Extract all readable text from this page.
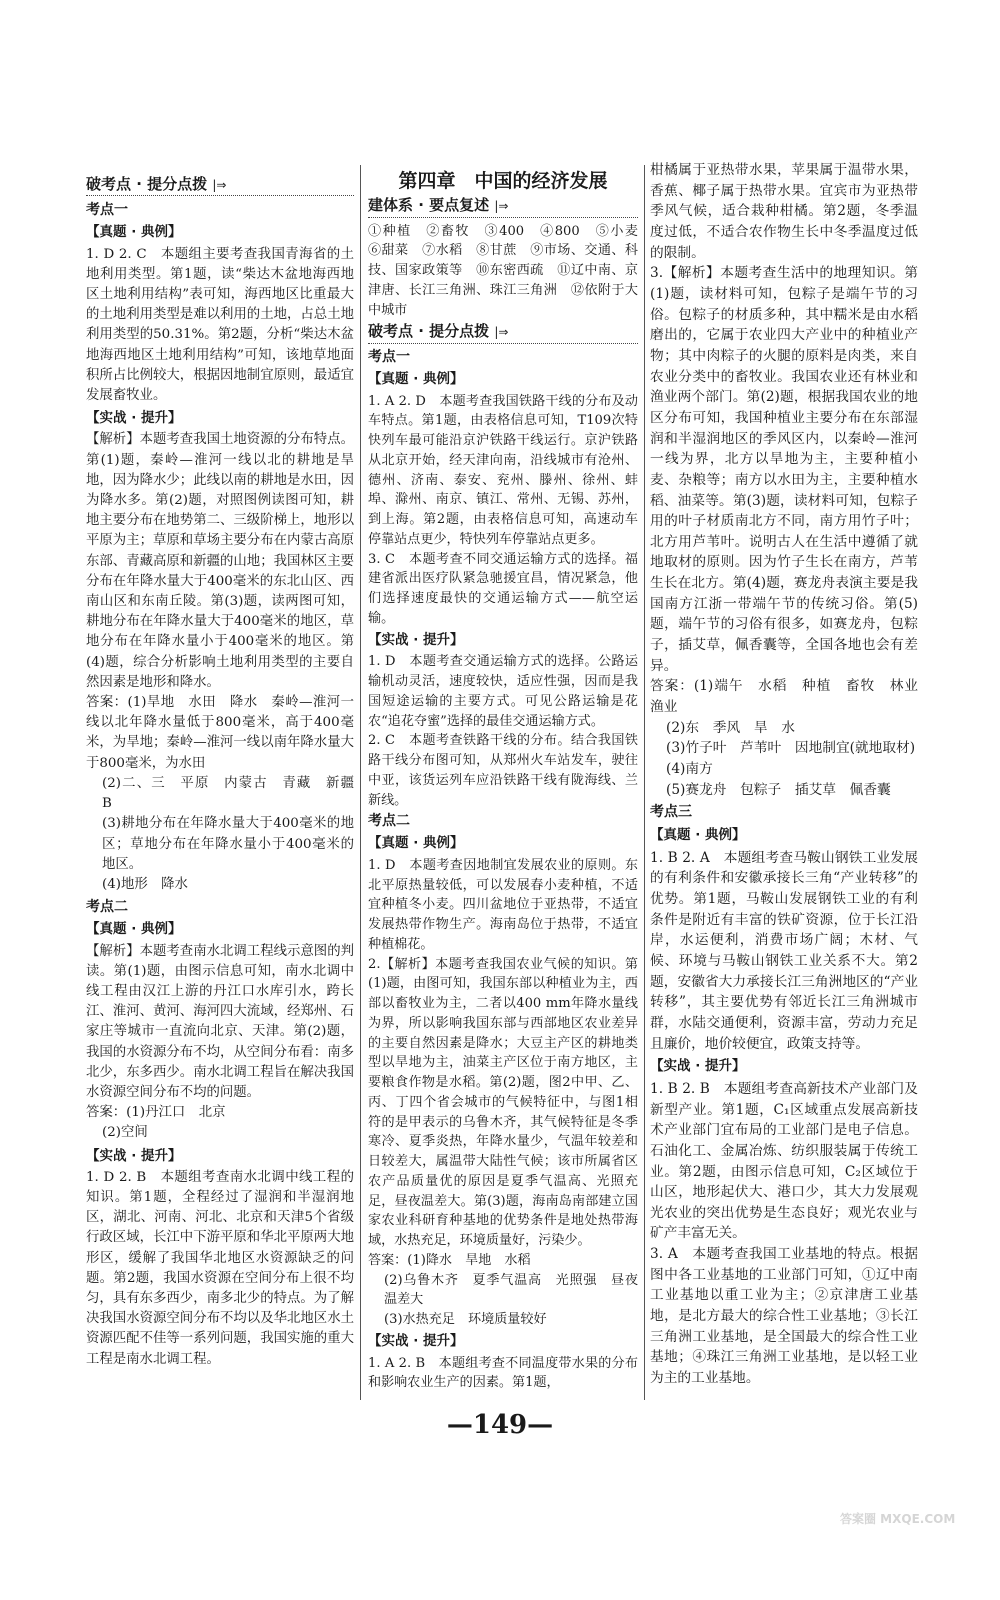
破考点 · 提分点拨 |⇒
考点一
【真题 · 典例】

1. D 2. C　本题组主要考查我国青海省的土地利用类型。第1题，读“柴达木盆地海西地区土地利用结构”表可知，海西地区比重最大的土地利用类型是难以利用的土地，占总土地利用类型的50.31%。第2题，分析“柴达木盆地海西地区土地利用结构”可知，该地草地面积所占比例较大，根据因地制宜原则，最适宜发展畜牧业。

【实战 · 提升】

【解析】本题考查我国土地资源的分布特点。第(1)题，秦岭—淮河一线以北的耕地是旱地，因为降水少；此线以南的耕地是水田，因为降水多。第(2)题，对照图例读图可知，耕地主要分布在地势第二、三级阶梯上，地形以平原为主；草原和草场主要分布在内蒙古高原东部、青藏高原和新疆的山地；我国林区主要分布在年降水量大于400毫米的东北山区、西南山区和东南丘陵。第(3)题，读两图可知，耕地分布在年降水量大于400毫米的地区，草地分布在年降水量小于400毫米的地区。第(4)题，综合分析影响土地利用类型的主要自然因素是地形和降水。

答案：(1)旱地　水田　降水　秦岭—淮河一线以北年降水量低于800毫米，高于400毫米，为旱地；秦岭—淮河一线以南年降水量大于800毫米，为水田

(2)二、三　平原　内蒙古　青藏　新疆　B

(3)耕地分布在年降水量大于400毫米的地区；草地分布在年降水量小于400毫米的地区。

(4)地形　降水

考点二
【真题 · 典例】

【解析】本题考查南水北调工程线示意图的判读。第(1)题，由图示信息可知，南水北调中线工程由汉江上游的丹江口水库引水，跨长江、淮河、黄河、海河四大流域，经郑州、石家庄等城市一直流向北京、天津。第(2)题，我国的水资源分布不均，从空间分布看：南多北少，东多西少。南水北调工程旨在解决我国水资源空间分布不均的问题。

答案：(1)丹江口　北京

(2)空间

【实战 · 提升】

1. D 2. B　本题组考查南水北调中线工程的知识。第1题，全程经过了湿润和半湿润地区，湖北、河南、河北、北京和天津5个省级行政区域，长江中下游平原和华北平原两大地形区，缓解了我国华北地区水资源缺乏的问题。第2题，我国水资源在空间分布上很不均匀，具有东多西少，南多北少的特点。为了解决我国水资源空间分布不均以及华北地区水土资源匹配不佳等一系列问题，我国实施的重大工程是南水北调工程。

第四章　中国的经济发展
建体系 · 要点复述 |⇒

①种植　②畜牧　③400　④800　⑤小麦　⑥甜菜　⑦水稻　⑧甘蔗　⑨市场、交通、科技、国家政策等　⑩东密西疏　⑪辽中南、京津唐、长江三角洲、珠江三角洲　⑫依附于大中城市

破考点 · 提分点拨 |⇒
考点一
【真题 · 典例】

1. A 2. D　本题考查我国铁路干线的分布及动车特点。第1题，由表格信息可知，T109次特快列车最可能沿京沪铁路干线运行。京沪铁路从北京开始，经天津向南，沿线城市有沧州、德州、济南、泰安、兖州、滕州、徐州、蚌埠、滁州、南京、镇江、常州、无锡、苏州，到上海。第2题，由表格信息可知，高速动车停靠站点更少，特快列车停靠站点更多。

3. C　本题考查不同交通运输方式的选择。福建省派出医疗队紧急驰援宜昌，情况紧急，他们选择速度最快的交通运输方式——航空运输。

【实战 · 提升】

1. D　本题考查交通运输方式的选择。公路运输机动灵活，速度较快，适应性强，因而是我国短途运输的主要方式。可见公路运输是花农“追花夺蜜”选择的最佳交通运输方式。

2. C　本题考查铁路干线的分布。结合我国铁路干线分布图可知，从郑州火车站发车，驶往中亚，该货运列车应沿铁路干线有陇海线、兰新线。

考点二
【真题 · 典例】

1. D　本题考查因地制宜发展农业的原则。东北平原热量较低，可以发展春小麦种植，不适宜种植冬小麦。四川盆地位于亚热带，不适宜发展热带作物生产。海南岛位于热带，不适宜种植棉花。

2.【解析】本题考查我国农业气候的知识。第(1)题，由图可知，我国东部以种植业为主，西部以畜牧业为主，二者以400 mm年降水量线为界，所以影响我国东部与西部地区农业差异的主要自然因素是降水；大豆主产区的耕地类型以旱地为主，油菜主产区位于南方地区，主要粮食作物是水稻。第(2)题，图2中甲、乙、丙、丁四个省会城市的气候特征中，与图1相符的是甲表示的乌鲁木齐，其气候特征是冬季寒冷、夏季炎热，年降水量少，气温年较差和日较差大，属温带大陆性气候；该市所属省区农产品质量优的原因是夏季气温高、光照充足，昼夜温差大。第(3)题，海南岛南部建立国家农业科研育种基地的优势条件是地处热带海域，水热充足，环境质量好，污染少。

答案：(1)降水　旱地　水稻

(2)乌鲁木齐　夏季气温高　光照强　昼夜温差大

(3)水热充足　环境质量较好

【实战 · 提升】

1. A 2. B　本题组考查不同温度带水果的分布和影响农业生产的因素。第1题，

柑橘属于亚热带水果，苹果属于温带水果，香蕉、椰子属于热带水果。宜宾市为亚热带季风气候，适合栽种柑橘。第2题，冬季温度过低，不适合农作物生长中冬季温度过低的限制。

3.【解析】本题考查生活中的地理知识。第(1)题，读材料可知，包粽子是端午节的习俗。包粽子的材质多种，其中糯米是由水稻磨出的，它属于农业四大产业中的种植业产物；其中肉粽子的火腿的原料是肉类，来自农业分类中的畜牧业。我国农业还有林业和渔业两个部门。第(2)题，根据我国农业的地区分布可知，我国种植业主要分布在东部湿润和半湿润地区的季风区内，以秦岭—淮河一线为界，北方以旱地为主，主要种植小麦、杂粮等；南方以水田为主，主要种植水稻、油菜等。第(3)题，读材料可知，包粽子用的叶子材质南北方不同，南方用竹子叶；北方用芦苇叶。说明古人在生活中遵循了就地取材的原则。因为竹子生长在南方，芦苇生长在北方。第(4)题，赛龙舟表演主要是我国南方江浙一带端午节的传统习俗。第(5)题，端午节的习俗有很多，如赛龙舟，包粽子，插艾草，佩香囊等，全国各地也会有差异。

答案：(1)端午　水稻　种植　畜牧　林业　渔业

(2)东　季风　旱　水

(3)竹子叶　芦苇叶　因地制宜(就地取材)

(4)南方

(5)赛龙舟　包粽子　插艾草　佩香囊

考点三
【真题 · 典例】

1. B 2. A　本题组考查马鞍山钢铁工业发展的有利条件和安徽承接长三角“产业转移”的优势。第1题，马鞍山发展钢铁工业的有利条件是附近有丰富的铁矿资源，位于长江沿岸，水运便利，消费市场广阔；木材、气候、环境与马鞍山钢铁工业关系不大。第2题，安徽省大力承接长江三角洲地区的“产业转移”，其主要优势有邻近长江三角洲城市群，水陆交通便利，资源丰富，劳动力充足且廉价，地价较便宜，政策支持等。

【实战 · 提升】

1. B 2. B　本题组考查高新技术产业部门及新型产业。第1题，C₁区域重点发展高新技术产业部门宜布局的工业部门是电子信息。石油化工、金属冶炼、纺织服装属于传统工业。第2题，由图示信息可知，C₂区域位于山区，地形起伏大、港口少，其大力发展观光农业的突出优势是生态良好；观光农业与矿产丰富无关。

3. A　本题考查我国工业基地的特点。根据图中各工业基地的工业部门可知，①辽中南工业基地以重工业为主；②京津唐工业基地，是北方最大的综合性工业基地；③长江三角洲工业基地，是全国最大的综合性工业基地；④珠江三角洲工业基地，是以轻工业为主的工业基地。

—149—
答案圈 MXQE.COM
